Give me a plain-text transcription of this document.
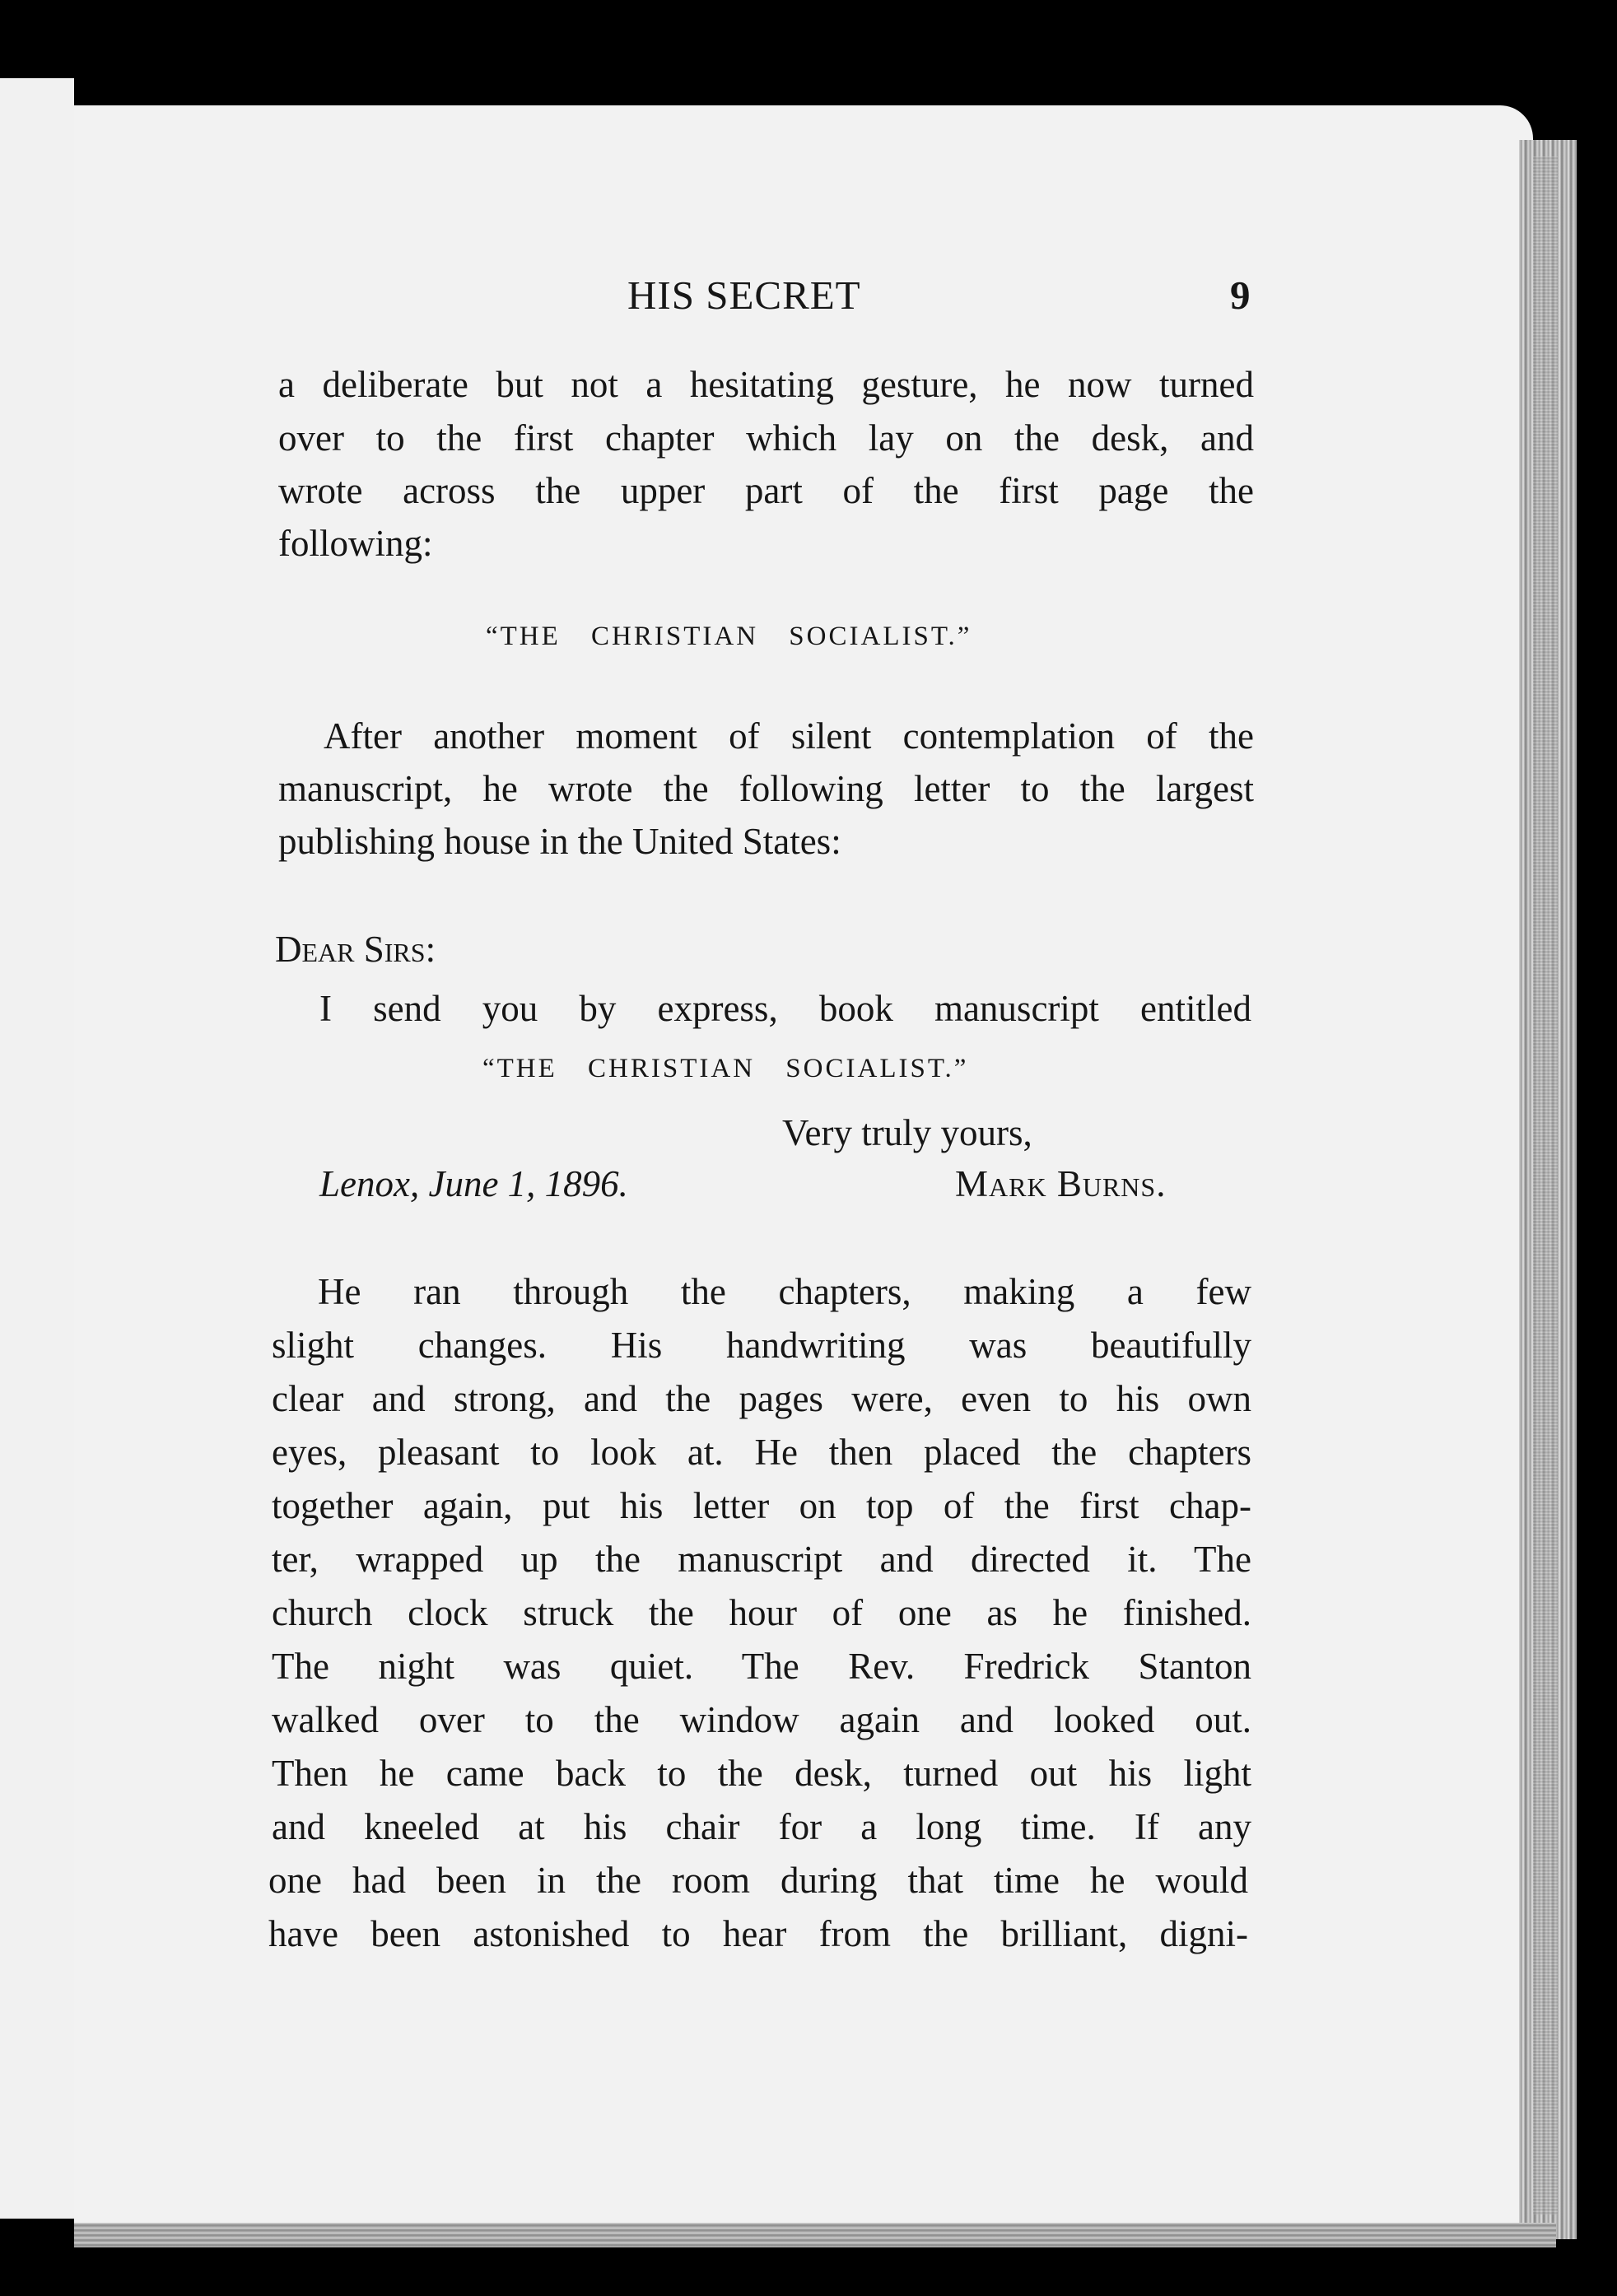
HIS SECRET	9

a deliberate but not a hesitating gesture, he now turned

over to the first chapter which lay on the desk, and

wrote across the upper part of the first page the

following:

“THE CHRISTIAN SOCIALIST.”

After another moment of silent contemplation of the

manuscript, he wrote the following letter to the largest

publishing house in the United States:

Dear Sirs:

I send you by express, book manuscript entitled

“THE CHRISTIAN SOCIALIST.”

Very truly yours,

Lenox, June 1, 1896.	Mark Burns.

He ran through the chapters, making a few

slight changes. His handwriting was beautifully

clear and strong, and the pages were, even to his own

eyes, pleasant to look at. He then placed the chapters

together again, put his letter on top of the first chap-

ter, wrapped up the manuscript and directed it. The

church clock struck the hour of one as he finished.

The night was quiet. The Rev. Fredrick Stanton

walked over to the window again and looked out.

Then he came back to the desk, turned out his light

and kneeled at his chair for a long time. If any

one had been in the room during that time he would

have been astonished to hear from the brilliant, digni-
